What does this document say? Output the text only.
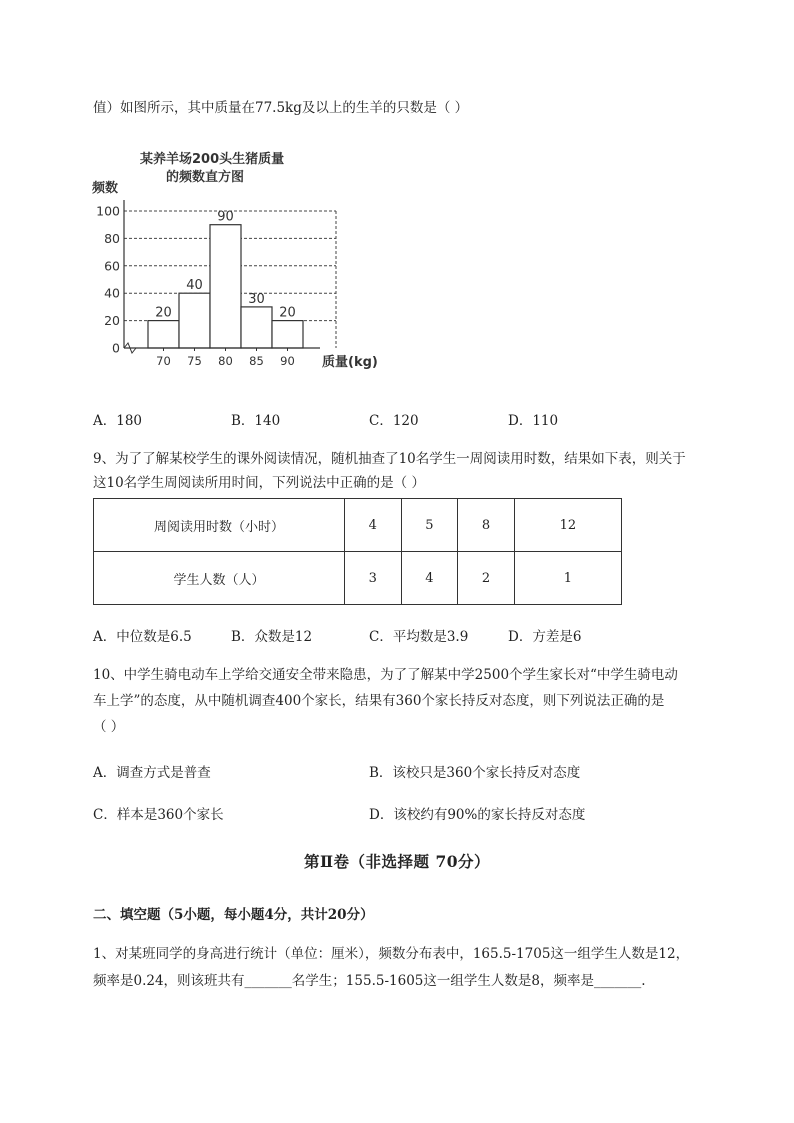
值）如图所示，其中质量在77.5kg及以上的生羊的只数是（ ）
某养羊场200头生猪质量
的频数直方图
频数
质量(kg)
0
20
40
60
80
100
20
40
90
30
20
70 75 80 85 90
A．180	B．140	C．120	D．110
9、为了了解某校学生的课外阅读情况，随机抽查了10名学生一周阅读用时数，结果如下表，则关于
这10名学生周阅读所用时间，下列说法中正确的是（ ）
周阅读用时数（小时）	4	5	8	12
学生人数（人）	3	4	2	1
A．中位数是6.5	B．众数是12	C．平均数是3.9	D．方差是6
10、中学生骑电动车上学给交通安全带来隐患，为了了解某中学2500个学生家长对“中学生骑电动
车上学”的态度，从中随机调查400个家长，结果有360个家长持反对态度，则下列说法正确的是
（ ）
A．调查方式是普查	B．该校只是360个家长持反对态度
C．样本是360个家长	D．该校约有90%的家长持反对态度
第Ⅱ卷（非选择题 70分）
二、填空题（5小题，每小题4分，共计20分）
1、对某班同学的身高进行统计（单位：厘米），频数分布表中，165.5-1705这一组学生人数是12，
频率是0.24，则该班共有_______名学生；155.5-1605这一组学生人数是8，频率是_______.
